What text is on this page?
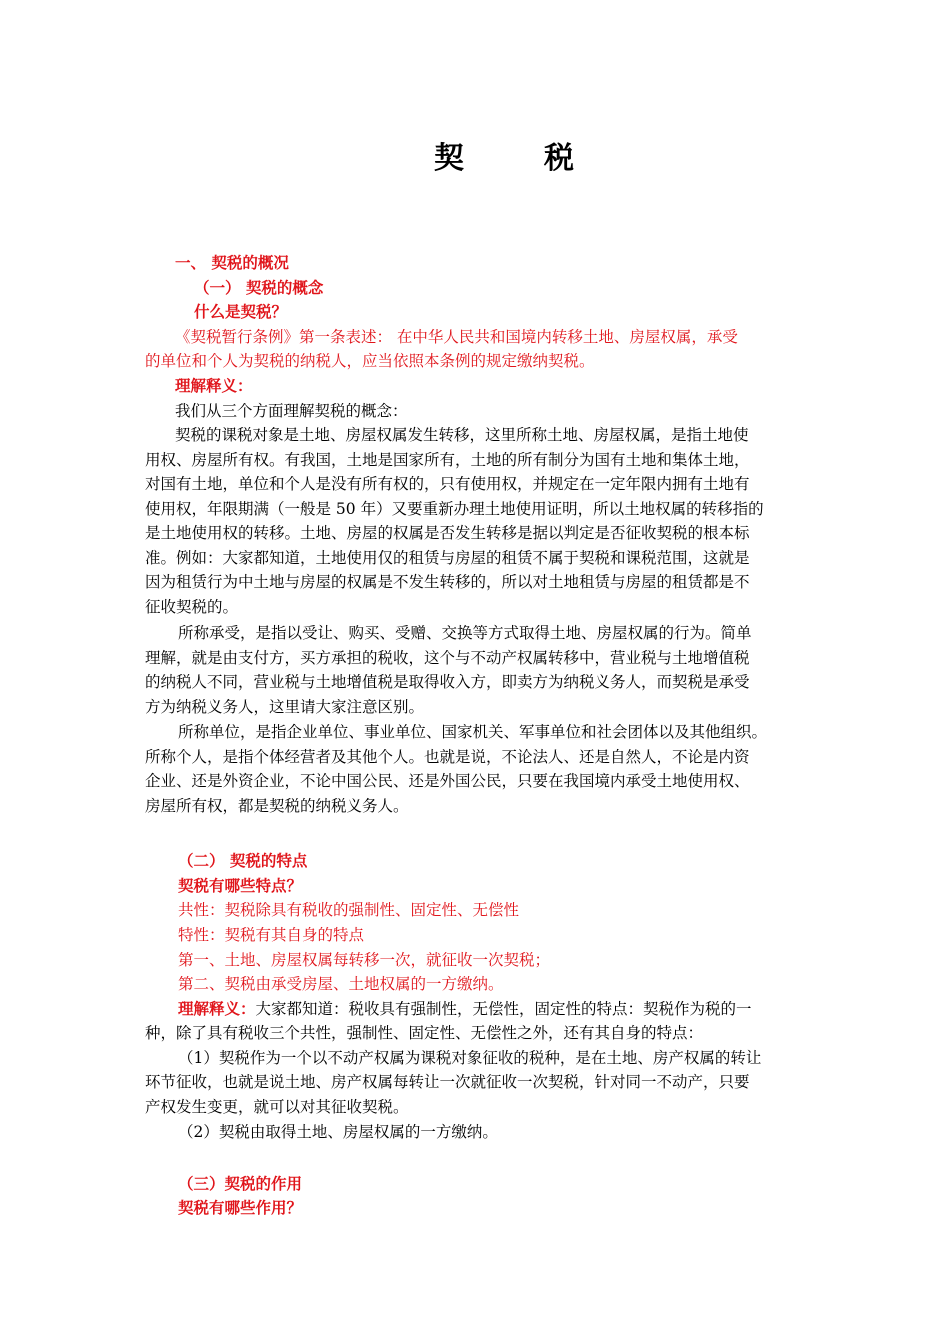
契	税
一、 契税的概况
（一） 契税的概念
什么是契税？
《契税暂行条例》第一条表述： 在中华人民共和国境内转移土地、房屋权属，承受
的单位和个人为契税的纳税人，应当依照本条例的规定缴纳契税。
理解释义：
我们从三个方面理解契税的概念：
契税的课税对象是土地、房屋权属发生转移，这里所称土地、房屋权属，是指土地使
用权、房屋所有权。有我国，土地是国家所有，土地的所有制分为国有土地和集体土地，
对国有土地，单位和个人是没有所有权的，只有使用权，并规定在一定年限内拥有土地有
使用权，年限期满（一般是 50 年）又要重新办理土地使用证明，所以土地权属的转移指的
是土地使用权的转移。土地、房屋的权属是否发生转移是据以判定是否征收契税的根本标
准。例如：大家都知道，土地使用仅的租赁与房屋的租赁不属于契税和课税范围，这就是
因为租赁行为中土地与房屋的权属是不发生转移的，所以对土地租赁与房屋的租赁都是不
征收契税的。
所称承受，是指以受让、购买、受赠、交换等方式取得土地、房屋权属的行为。简单
理解，就是由支付方，买方承担的税收，这个与不动产权属转移中，营业税与土地增值税
的纳税人不同，营业税与土地增值税是取得收入方，即卖方为纳税义务人，而契税是承受
方为纳税义务人，这里请大家注意区别。
所称单位，是指企业单位、事业单位、国家机关、军事单位和社会团体以及其他组织。
所称个人，是指个体经营者及其他个人。也就是说，不论法人、还是自然人，不论是内资
企业、还是外资企业，不论中国公民、还是外国公民，只要在我国境内承受土地使用权、
房屋所有权，都是契税的纳税义务人。
（二） 契税的特点
契税有哪些特点？
共性：契税除具有税收的强制性、固定性、无偿性
特性：契税有其自身的特点
第一、土地、房屋权属每转移一次，就征收一次契税；
第二、契税由承受房屋、土地权属的一方缴纳。
理解释义：大家都知道：税收具有强制性，无偿性，固定性的特点：契税作为税的一
种，除了具有税收三个共性，强制性、固定性、无偿性之外，还有其自身的特点：
（1）契税作为一个以不动产权属为课税对象征收的税种，是在土地、房产权属的转让
环节征收，也就是说土地、房产权属每转让一次就征收一次契税，针对同一不动产，只要
产权发生变更，就可以对其征收契税。
（2）契税由取得土地、房屋权属的一方缴纳。
（三）契税的作用
契税有哪些作用？
